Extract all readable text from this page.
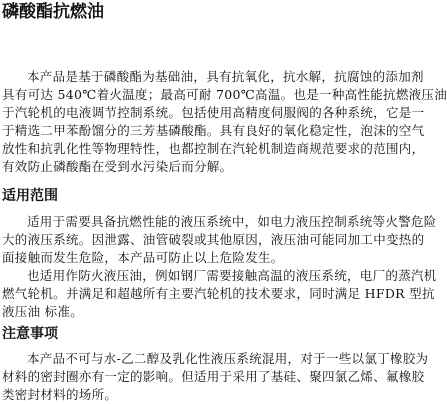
磷酸酯抗燃油
本产品是基于磷酸酯为基础油，具有抗氧化，抗水解，抗腐蚀的添加剂
具有可达 540℃着火温度；最高可耐 700℃高温。也是一种高性能抗燃液压油
于汽轮机的电液调节控制系统。包括使用高精度伺服阀的各种系统，它是一
于精选二甲苯酚馏分的三芳基磷酸酯。具有良好的氧化稳定性，泡沫的空气
放性和抗乳化性等物理特性，也都控制在汽轮机制造商规范要求的范围内，
有效防止磷酸酯在受到水污染后而分解。
适用范围
适用于需要具备抗燃性能的液压系统中，如电力液压控制系统等火警危险
大的液压系统。因泄露、油管破裂或其他原因，液压油可能同加工中变热的
面接触而发生危险，本产品可防止以上危险发生。
也适用作防火液压油，例如钢厂需要接触高温的液压系统，电厂的蒸汽机
燃气轮机。并满足和超越所有主要汽轮机的技术要求，同时满足 HFDR 型抗
液压油 标准。
注意事项
本产品不可与水-乙二醇及乳化性液压系统混用，对于一些以氯丁橡胶为
材料的密封圈亦有一定的影响。但适用于采用了基硅、聚四氯乙烯、氟橡胶
类密封材料的场所。
